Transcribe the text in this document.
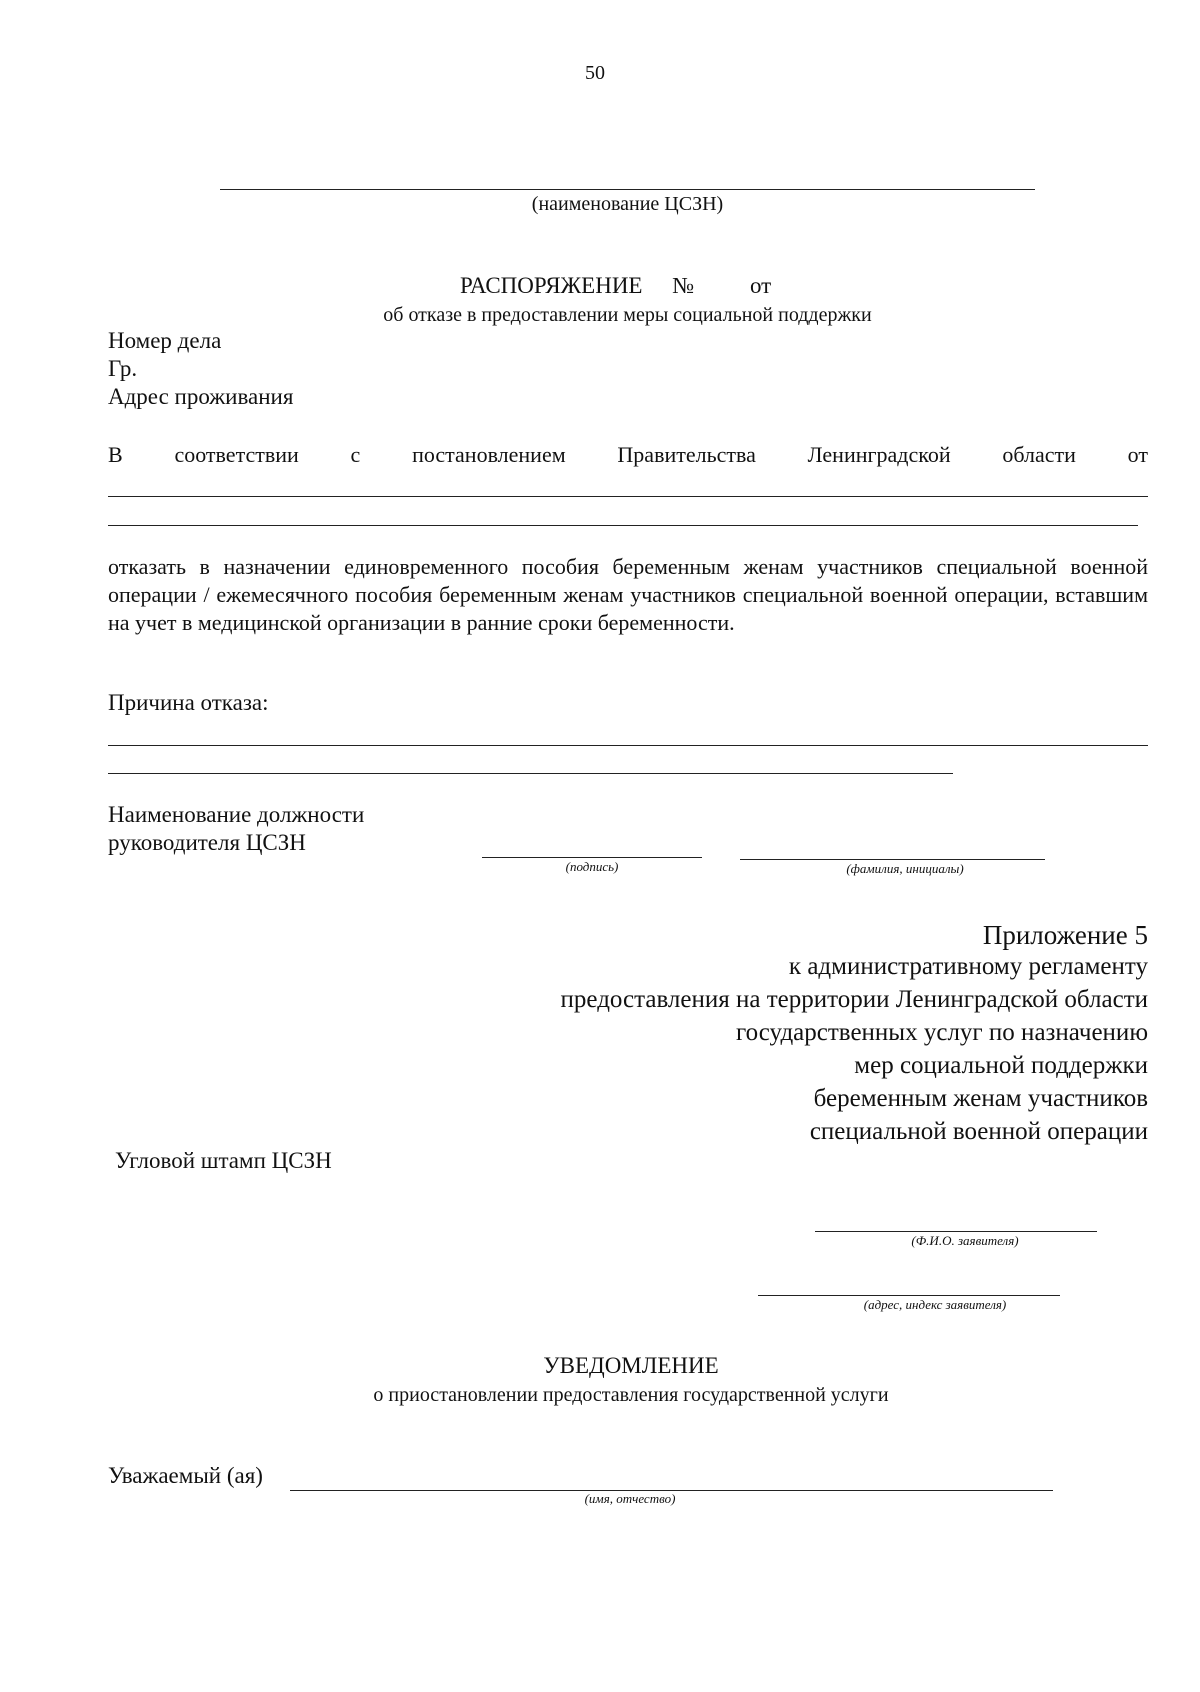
50
(наименование ЦСЗН)
РАСПОРЯЖЕНИЕ № от
об отказе в предоставлении меры социальной поддержки
Номер дела
Гр.
Адрес проживания
В соответствии с постановлением Правительства Ленинградской области от
отказать в назначении единовременного пособия беременным женам участников специальной военной операции / ежемесячного пособия беременным женам участников специальной военной операции, вставшим на учет в медицинской организации в ранние сроки беременности.
Причина отказа:
Наименование должности
руководителя ЦСЗН
(подпись)	(фамилия, инициалы)
Приложение 5
к административному регламенту
предоставления на территории Ленинградской области
государственных услуг по назначению
мер социальной поддержки
беременным женам участников
специальной военной операции
Угловой штамп ЦСЗН
(Ф.И.О. заявителя)
(адрес, индекс заявителя)
УВЕДОМЛЕНИЕ
о приостановлении предоставления государственной услуги
Уважаемый (ая)
(имя, отчество)
